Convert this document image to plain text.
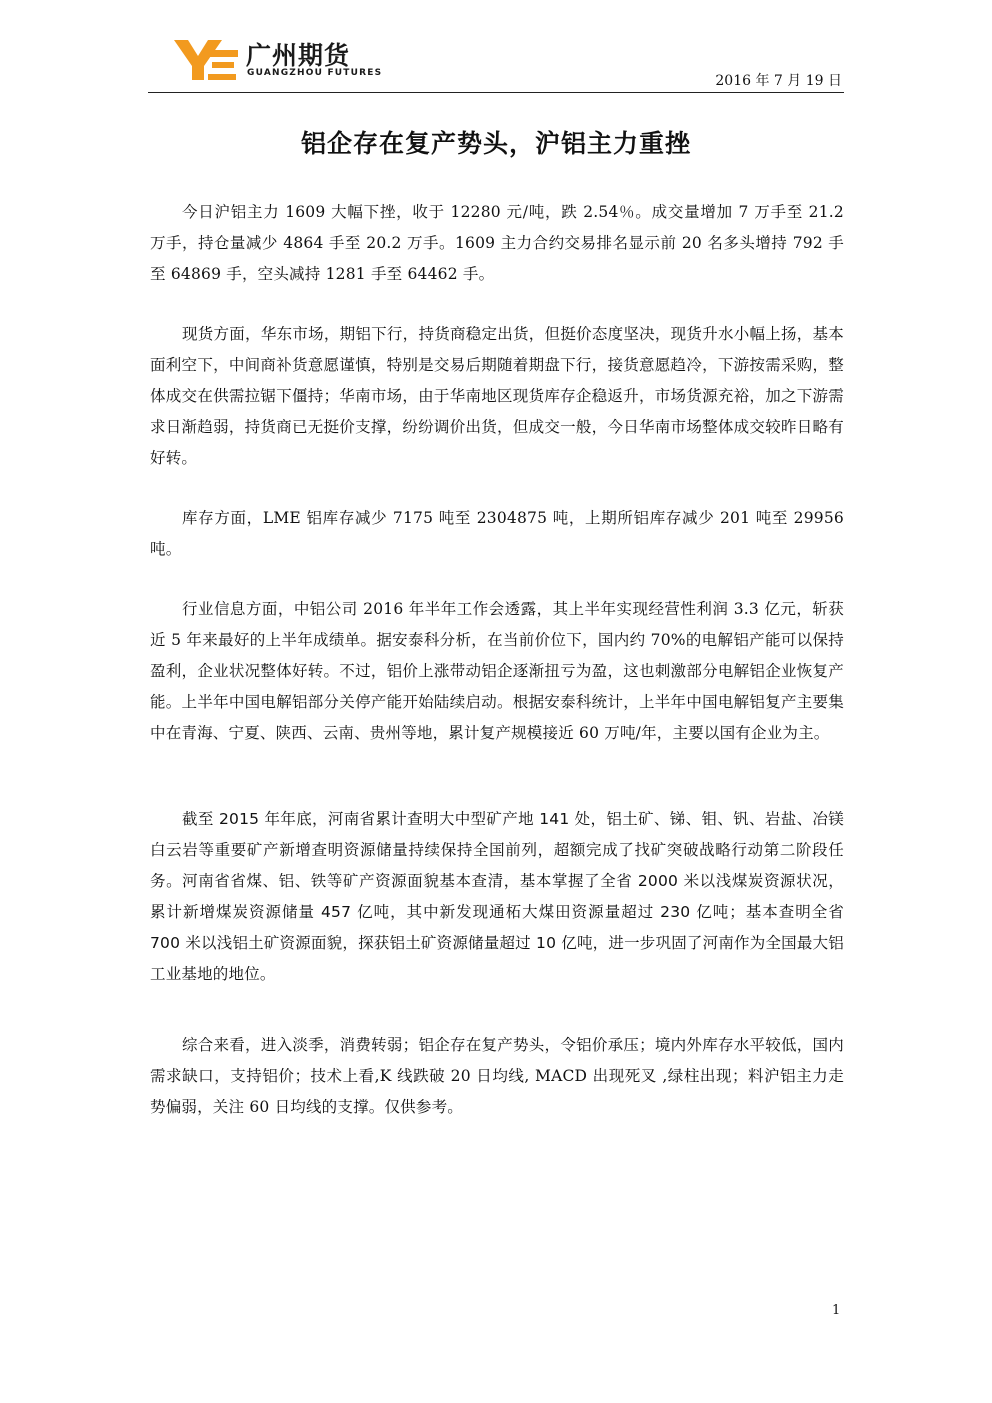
广州期货
GUANGZHOU FUTURES	2016 年 7 月 19 日
铝企存在复产势头，沪铝主力重挫

今日沪铝主力 1609 大幅下挫，收于 12280 元/吨，跌 2.54％。成交量增加 7 万手至 21.2 万手，持仓量减少 4864 手至 20.2 万手。1609 主力合约交易排名显示前 20 名多头增持 792 手至 64869 手，空头减持 1281 手至 64462 手。

现货方面，华东市场，期铝下行，持货商稳定出货，但挺价态度坚决，现货升水小幅上扬，基本面利空下，中间商补货意愿谨慎，特别是交易后期随着期盘下行，接货意愿趋冷，下游按需采购，整体成交在供需拉锯下僵持；华南市场，由于华南地区现货库存企稳返升，市场货源充裕，加之下游需求日渐趋弱，持货商已无挺价支撑，纷纷调价出货，但成交一般，今日华南市场整体成交较昨日略有好转。

库存方面，LME 铝库存减少 7175 吨至 2304875 吨，上期所铝库存减少 201 吨至 29956 吨。

行业信息方面，中铝公司 2016 年半年工作会透露，其上半年实现经营性利润 3.3 亿元，斩获近 5 年来最好的上半年成绩单。据安泰科分析，在当前价位下，国内约 70%的电解铝产能可以保持盈利，企业状况整体好转。不过，铝价上涨带动铝企逐渐扭亏为盈，这也刺激部分电解铝企业恢复产能。上半年中国电解铝部分关停产能开始陆续启动。根据安泰科统计，上半年中国电解铝复产主要集中在青海、宁夏、陕西、云南、贵州等地，累计复产规模接近 60 万吨/年，主要以国有企业为主。

截至 2015 年年底，河南省累计查明大中型矿产地 141 处，铝土矿、锑、钼、钒、岩盐、冶镁白云岩等重要矿产新增查明资源储量持续保持全国前列，超额完成了找矿突破战略行动第二阶段任务。河南省省煤、铝、铁等矿产资源面貌基本查清，基本掌握了全省 2000 米以浅煤炭资源状况，累计新增煤炭资源储量 457 亿吨，其中新发现通柘大煤田资源量超过 230 亿吨；基本查明全省 700 米以浅铝土矿资源面貌，探获铝土矿资源储量超过 10 亿吨，进一步巩固了河南作为全国最大铝工业基地的地位。

综合来看，进入淡季，消费转弱；铝企存在复产势头，令铝价承压；境内外库存水平较低，国内需求缺口，支持铝价；技术上看,K 线跌破 20 日均线, MACD 出现死叉 ,绿柱出现；料沪铝主力走势偏弱，关注 60 日均线的支撑。仅供参考。

1
